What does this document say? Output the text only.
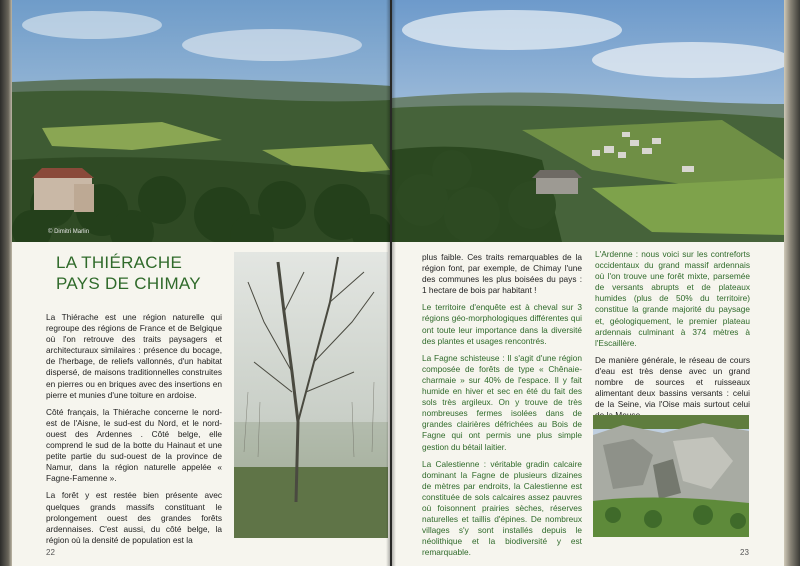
© Dimitri Marlin
LA THIÉRACHE
PAYS DE CHIMAY

La Thiérache est une région naturelle qui regroupe des régions de France et de Belgique où l'on retrouve des traits paysagers et architecturaux similaires : présence du bocage, de l'herbage, de reliefs vallonnés, d'un habitat dispersé, de maisons traditionnelles construites en pierres ou en briques avec des insertions en pierre et munies d'une toiture en ardoise.

Côté français, la Thiérache concerne le nord-est de l'Aisne, le sud-est du Nord, et le nord-ouest des Ardennes . Côté belge, elle comprend le sud de la botte du Hainaut et une petite partie du sud-ouest de la province de Namur, dans la région naturelle appelée « Fagne-Famenne ».

La forêt y est restée bien présente avec quelques grands massifs constituant le prolongement ouest des grandes forêts ardennaises. C'est aussi, du côté belge, la région où la densité de population est la

22

plus faible. Ces traits remarquables de la région font, par exemple, de Chimay l'une des communes les plus boisées du pays : 1 hectare de bois par habitant !

Le territoire d'enquête est à cheval sur 3 régions géo-morphologiques différentes qui ont toute leur importance dans la diversité des plantes et usages rencontrés.

La Fagne schisteuse : Il s'agit d'une région composée de forêts de type « Chênaie-charmaie » sur 40% de l'espace. Il y fait humide en hiver et sec en été du fait des sols très argileux. On y trouve de très nombreuses fermes isolées dans de grandes clairières défrichées au Bois de Fagne qui ont permis une plus simple gestion du bétail laitier.

La Calestienne : véritable gradin calcaire dominant la Fagne de plusieurs dizaines de mètres par endroits, la Calestienne est constituée de sols calcaires assez pauvres où foisonnent prairies sèches, réserves naturelles et taillis d'épines. De nombreux villages s'y sont installés depuis le néolithique et la biodiversité y est remarquable.

L'Ardenne : nous voici sur les contreforts occidentaux du grand massif ardennais où l'on trouve une forêt mixte, parsemée de versants abrupts et de plateaux humides (plus de 50% du territoire) constitue la grande majorité du paysage et, géologiquement, le premier plateau ardennais culminant à 374 mètres à l'Escaillère.

De manière générale, le réseau de cours d'eau est très dense avec un grand nombre de sources et ruisseaux alimentant deux bassins versants : celui de la Seine, via l'Oise mais surtout celui

23
